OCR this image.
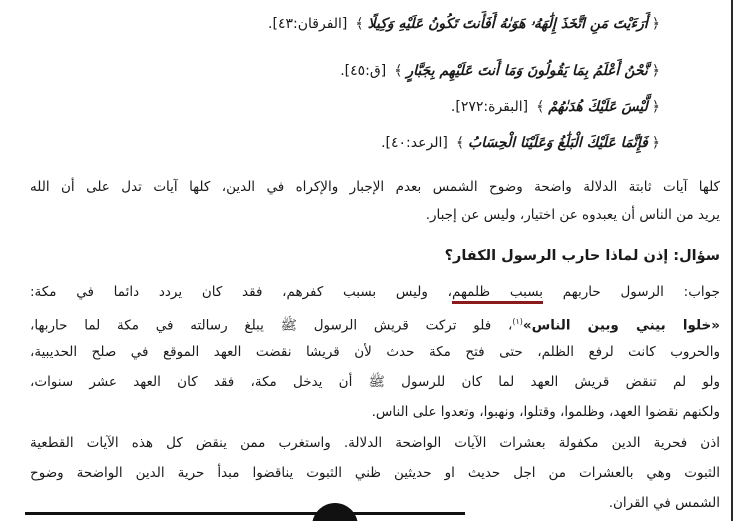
﴿أَرَءَيْتَ مَنِ اتَّخَذَ إِلَٰهَهُۥ هَوَىٰهُ أَفَأَنتَ تَكُونُ عَلَيْهِ وَكِيلًا﴾[الفرقان:٤٣].
﴿نَّحْنُ أَعْلَمُ بِمَا يَقُولُونَ وَمَا أَنتَ عَلَيْهِم بِجَبَّارٍ﴾[ق:٤٥].
﴿لَّيْسَ عَلَيْكَ هُدَىٰهُمْ﴾[البقرة:٢٧٢].
﴿فَإِنَّمَا عَلَيْكَ الْبَلَٰغُ وَعَلَيْنَا الْحِسَابُ﴾[الرعد:٤٠].
كلها آيات ثابتة الدلالة واضحة وضوح الشمس بعدم الإجبار والإكراه في الدين، كلها آيات تدل على أن الله
يريد من الناس أن يعبدوه عن اختيار، وليس عن إجبار.
سؤال: إذن لماذا حارب الرسول الكفار؟
جواب: الرسول حاربهم بسبب ظلمهم، وليس بسبب كفرهم، فقد كان يردد دائما في مكة:
«خلوا بيني وبين الناس»$^{(١)}$، فلو تركت قريش الرسول ﷺ يبلغ رسالته في مكة لما حاربها،
والحروب كانت لرفع الظلم، حتى فتح مكة حدث لأن قريشا نقضت العهد الموقع في صلح الحديبية،
ولو لم تنقض قريش العهد لما كان للرسول ﷺ أن يدخل مكة، فقد كان العهد عشر سنوات،
ولكنهم نقضوا العهد، وظلموا، وقتلوا، ونهبوا، وتعدوا على الناس.
اذن فحرية الدين مكفولة بعشرات الآيات الواضحة الدلالة. واستغرب ممن ينقض كل هذه الآيات القطعية
الثبوت وهي بالعشرات من اجل حديث او حديثين ظني الثبوت يناقضوا مبدأ حرية الدين الواضحة وضوح
الشمس في القران.
